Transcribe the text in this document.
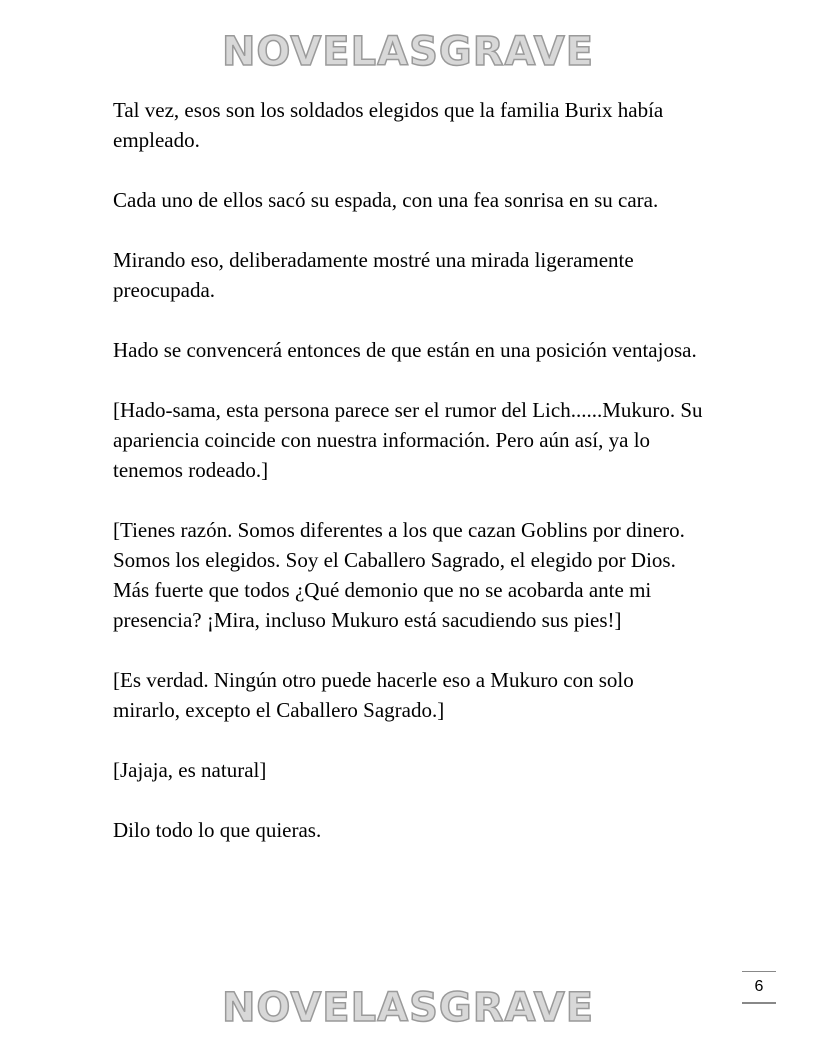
NOVELASGRAVE

Tal vez, esos son los soldados elegidos que la familia Burix había empleado.

Cada uno de ellos sacó su espada, con una fea sonrisa en su cara.

Mirando eso, deliberadamente mostré una mirada ligeramente preocupada.

Hado se convencerá entonces de que están en una posición ventajosa.

[Hado-sama, esta persona parece ser el rumor del Lich......Mukuro. Su apariencia coincide con nuestra información. Pero aún así, ya lo tenemos rodeado.]

[Tienes razón. Somos diferentes a los que cazan Goblins por dinero. Somos los elegidos. Soy el Caballero Sagrado, el elegido por Dios. Más fuerte que todos ¿Qué demonio que no se acobarda ante mi presencia? ¡Mira, incluso Mukuro está sacudiendo sus pies!]

[Es verdad. Ningún otro puede hacerle eso a Mukuro con solo mirarlo, excepto el Caballero Sagrado.]

[Jajaja, es natural]

Dilo todo lo que quieras.

6
NOVELASGRAVE
